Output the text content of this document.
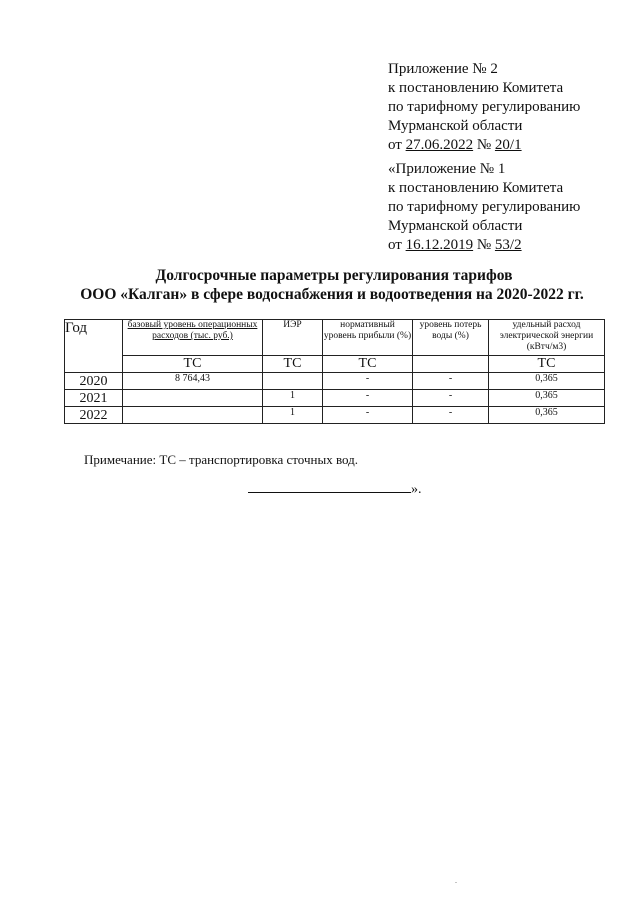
Приложение № 2
к постановлению Комитета
по тарифному регулированию
Мурманской области
от 27.06.2022 № 20/1
«Приложение № 1
к постановлению Комитета
по тарифному регулированию
Мурманской области
от 16.12.2019 № 53/2
Долгосрочные параметры регулирования тарифов
ООО «Калган» в сфере водоснабжения и водоотведения на 2020-2022 гг.
Год	базовый уровень операционных расходов (тыс. руб.)	ИЭР	нормативный уровень прибыли (%)	уровень потерь воды (%)	удельный расход электрической энергии (кВтч/м3)
	ТС	ТС	ТС		ТС
2020	8 764,43		-	-	0,365
2021		1	-	-	0,365
2022		1	-	-	0,365
Примечание: ТС – транспортировка сточных вод.
».
.
